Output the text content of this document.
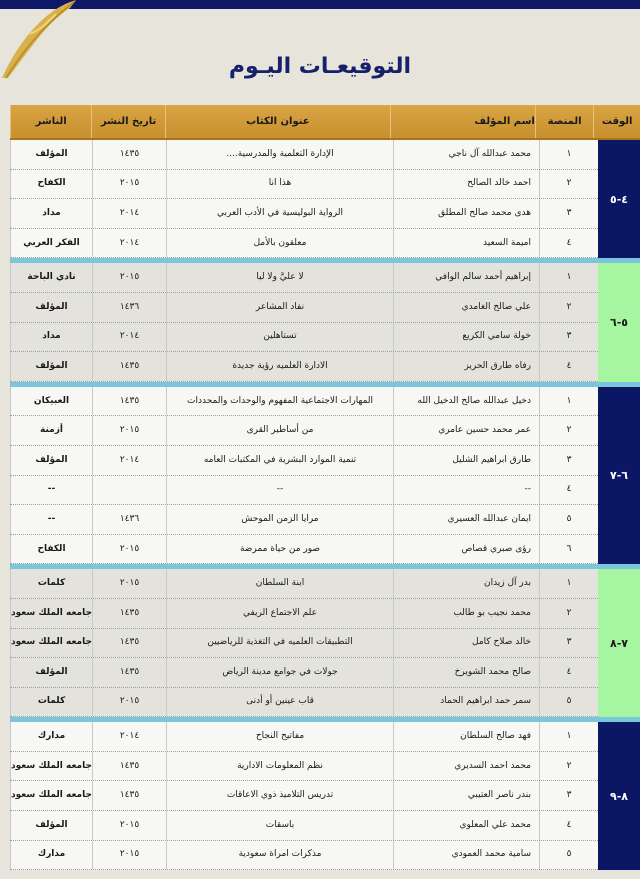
التوقيعـات اليـوم
الوقت
المنصة
اسم المؤلف
عنوان الكتاب
تاريخ النشر
الناشر
٤-٥
١
محمد عبدالله آل ناجي
الإدارة التعلمية والمدرسية....
١٤٣٥
المؤلف
٢
احمد خالد الصالح
هذا انا
٢٠١٥
الكفاح
٣
هدى محمد صالح المطلق
الرواية البوليسية في الأدب العربي
٢٠١٤
مداد
٤
اميمة السعيد
معلقون بالأمل
٢٠١٤
الفكر العربي
٥-٦
١
إبراهيم أحمد سالم الوافي
لا عليَّ ولا ليا
٢٠١٥
نادي الباحة
٢
علي صالح الغامدي
نفاد المشاعر
١٤٣٦
المؤلف
٣
خولة سامي الكريع
تستاهلين
٢٠١٤
مداد
٤
رفاه طارق الحريز
الادارة العلميه رؤية جديدة
١٤٣٥
المؤلف
٦-٧
١
دخيل عبدالله صالح الدخيل الله
المهارات الاجتماعية المفهوم والوحدات والمحددات
١٤٣٥
العبيكان
٢
عمر محمد حسين عامري
من أساطير القرى
٢٠١٥
أزمنة
٣
طارق ابراهيم الشليل
تنمية الموارد البشرية في المكتبات العامه
٢٠١٤
المؤلف
٤
--
--
--
٥
ايمان عبدالله العسيري
مرايا الزمن الموحش
١٤٣٦
--
٦
رؤى صبري قصاص
صور من حياة ممرضة
٢٠١٥
الكفاح
٧-٨
١
بدر آل زيدان
ابنة السلطان
٢٠١٥
كلمات
٢
محمد نجيب بو طالب
علم الاجتماع الريفي
١٤٣٥
جامعه الملك سعود
٣
خالد صلاح كامل
التطبيقات العلميه في التغذية للرياضيين
١٤٣٥
جامعه الملك سعود
٤
صالح محمد الشويرخ
جولات في جوامع مدينة الرياض
١٤٣٥
المؤلف
٥
سمر حمد ابراهيم الحماد
قاب عينين أو أدنى
٢٠١٥
كلمات
٨-٩
١
فهد صالح السلطان
مفاتيح النجاح
٢٠١٤
مدارك
٢
محمد احمد السديري
نظم المعلومات الادارية
١٤٣٥
جامعه الملك سعود
٣
بندر ناصر العتيبي
تدريس التلاميذ ذوي الاعاقات
١٤٣٥
جامعه الملك سعود
٤
محمد علي المعلوي
باسقات
٢٠١٥
المؤلف
٥
سامية محمد العمودي
مذكرات امراة سعودية
٢٠١٥
مدارك
